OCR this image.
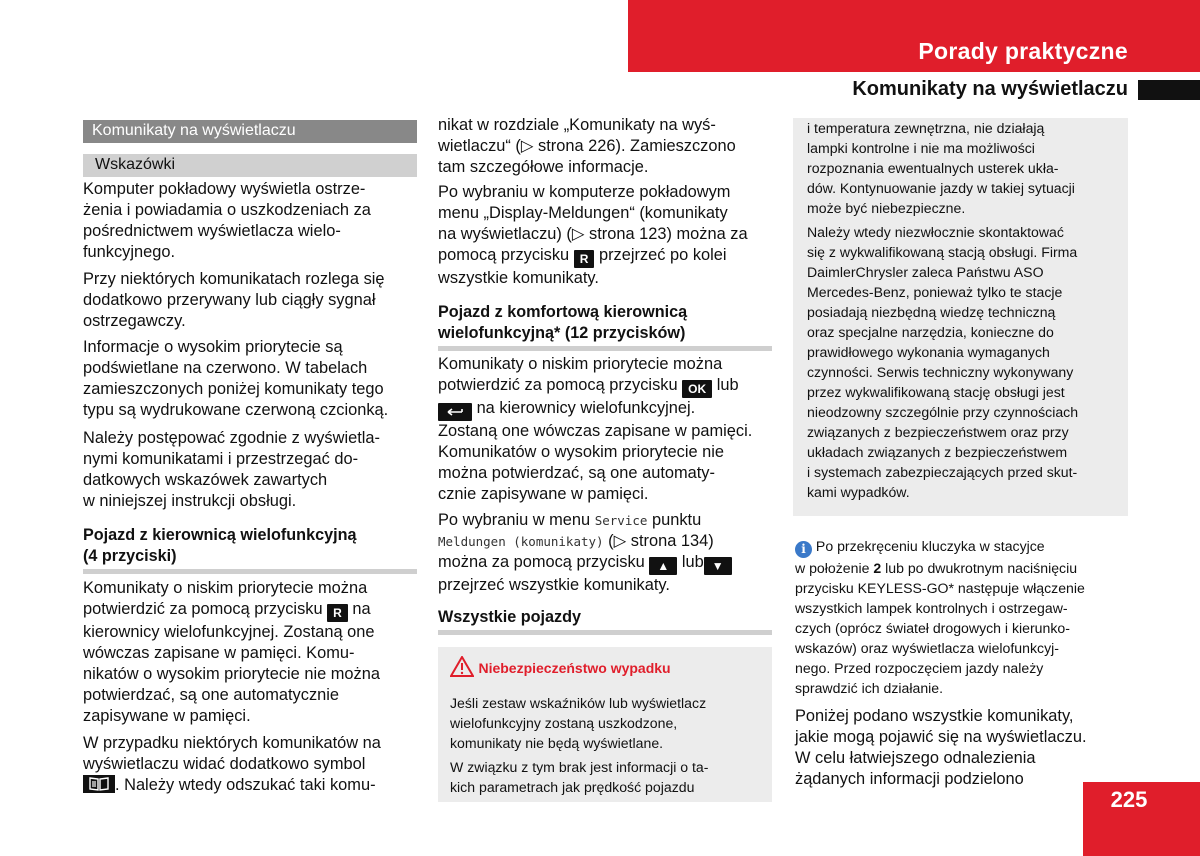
Porady praktyczne
Komunikaty na wyświetlaczu
Komunikaty na wyświetlaczu
Wskazówki
Komputer pokładowy wyświetla ostrze-
żenia i powiadamia o uszkodzeniach za
pośrednictwem wyświetlacza wielo-
funkcyjnego.
Przy niektórych komunikatach rozlega się
dodatkowo przerywany lub ciągły sygnał
ostrzegawczy.
Informacje o wysokim priorytecie są
podświetlane na czerwono. W tabelach
zamieszczonych poniżej komunikaty tego
typu są wydrukowane czerwoną czcionką.
Należy postępować zgodnie z wyświetla-
nymi komunikatami i przestrzegać do-
datkowych wskazówek zawartych
w niniejszej instrukcji obsługi.
Pojazd z kierownicą wielofunkcyjną
(4 przyciski)
Komunikaty o niskim priorytecie można
potwierdzić za pomocą przycisku R na
kierownicy wielofunkcyjnej. Zostaną one
wówczas zapisane w pamięci. Komu-
nikatów o wysokim priorytecie nie można
potwierdzać, są one automatycznie
zapisywane w pamięci.
W przypadku niektórych komunikatów na
wyświetlaczu widać dodatkowo symbol
. Należy wtedy odszukać taki komu-
nikat w rozdziale „Komunikaty na wyś-
wietlaczu“ (▷ strona 226). Zamieszczono
tam szczegółowe informacje.
Po wybraniu w komputerze pokładowym
menu „Display-Meldungen“ (komunikaty
na wyświetlaczu) (▷ strona 123) można za
pomocą przycisku R przejrzeć po kolei
wszystkie komunikaty.
Pojazd z komfortową kierownicą
wielofunkcyjną* (12 przycisków)
Komunikaty o niskim priorytecie można
potwierdzić za pomocą przycisku OK lub
na kierownicy wielofunkcyjnej.
Zostaną one wówczas zapisane w pamięci.
Komunikatów o wysokim priorytecie nie
można potwierdzać, są one automaty-
cznie zapisywane w pamięci.
Po wybraniu w menu Service punktu
Meldungen (komunikaty) (▷ strona 134)
można za pomocą przycisku ▲ lub ▼
przejrzeć wszystkie komunikaty.
Wszystkie pojazdy
Niebezpieczeństwo wypadku
Jeśli zestaw wskaźników lub wyświetlacz
wielofunkcyjny zostaną uszkodzone,
komunikaty nie będą wyświetlane.
W związku z tym brak jest informacji o ta-
kich parametrach jak prędkość pojazdu
i temperatura zewnętrzna, nie działają
lampki kontrolne i nie ma możliwości
rozpoznania ewentualnych usterek ukła-
dów. Kontynuowanie jazdy w takiej sytuacji
może być niebezpieczne.
Należy wtedy niezwłocznie skontaktować
się z wykwalifikowaną stacją obsługi. Firma
DaimlerChrysler zaleca Państwu ASO
Mercedes-Benz, ponieważ tylko te stacje
posiadają niezbędną wiedzę techniczną
oraz specjalne narzędzia, konieczne do
prawidłowego wykonania wymaganych
czynności. Serwis techniczny wykonywany
przez wykwalifikowaną stację obsługi jest
nieodzowny szczególnie przy czynnościach
związanych z bezpieczeństwem oraz przy
układach związanych z bezpieczeństwem
i systemach zabezpieczających przed skut-
kami wypadków.
i Po przekręceniu kluczyka w stacyjce
w położenie 2 lub po dwukrotnym naciśnięciu
przycisku KEYLESS-GO* następuje włączenie
wszystkich lampek kontrolnych i ostrzegaw-
czych (oprócz świateł drogowych i kierunko-
wskazów) oraz wyświetlacza wielofunkcyj-
nego. Przed rozpoczęciem jazdy należy
sprawdzić ich działanie.
Poniżej podano wszystkie komunikaty,
jakie mogą pojawić się na wyświetlaczu.
W celu łatwiejszego odnalezienia
żądanych informacji podzielono
225
